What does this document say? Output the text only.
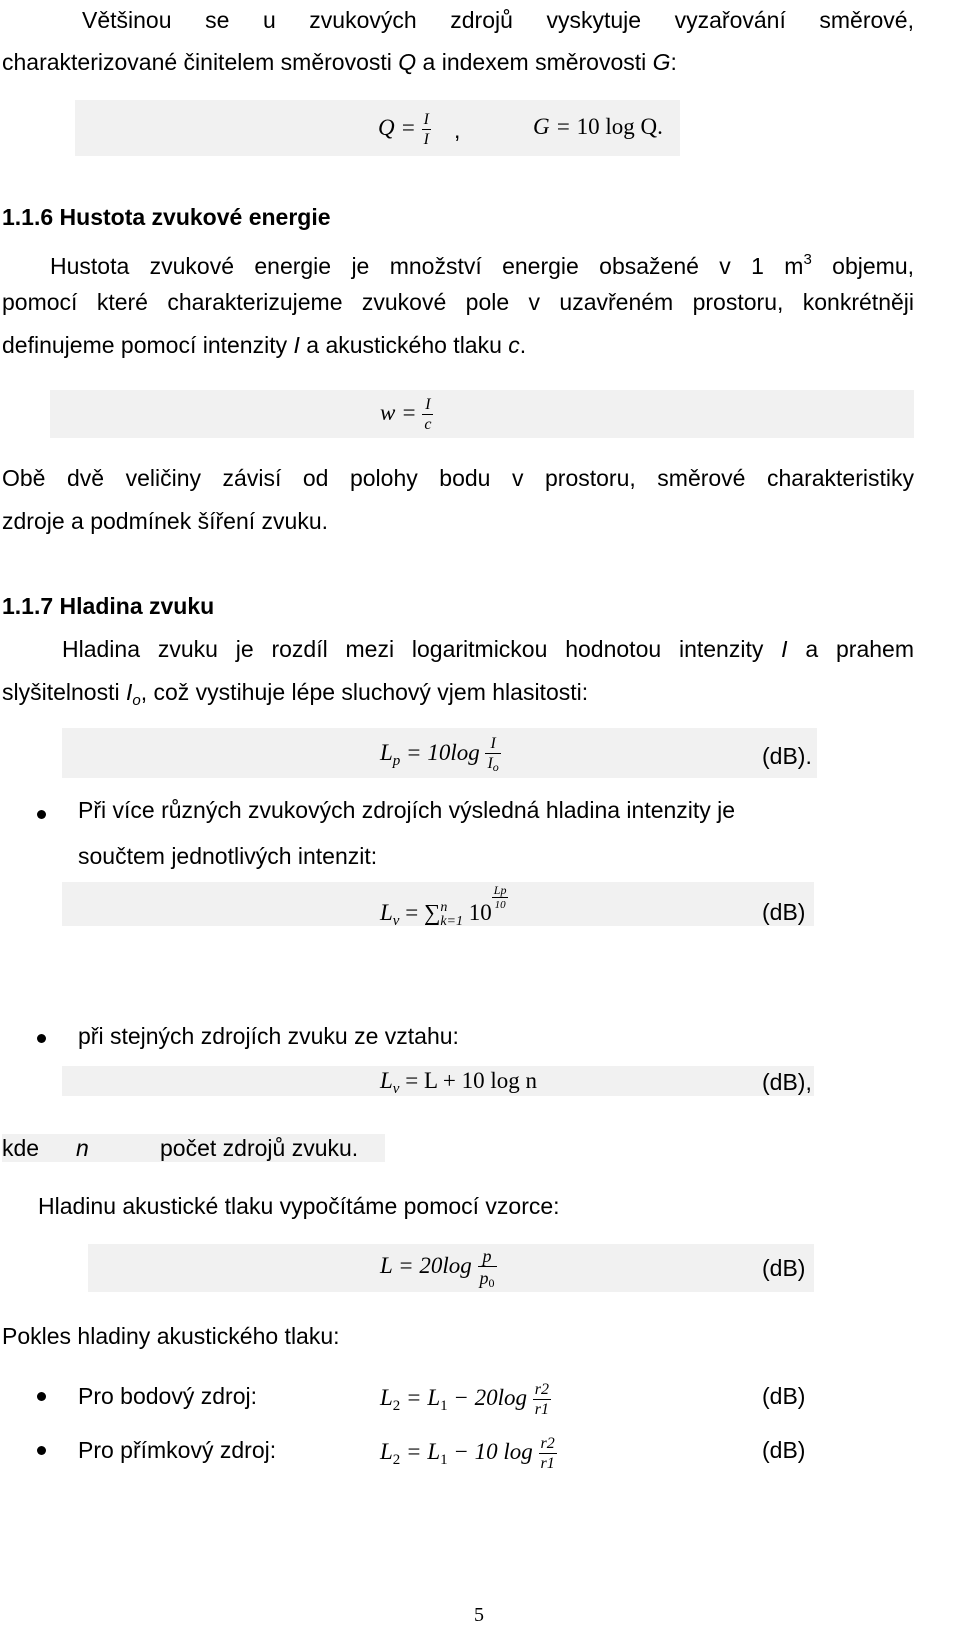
Většinou se u zvukových zdrojů vyskytuje vyzařování směrové,
charakterizované činitelem směrovosti Q a indexem směrovosti G:
$Q = \frac{I}{I}$ ,	G = 10 log Q.
1.1.6 Hustota zvukové energie
Hustota zvukové energie je množství energie obsažené v 1 $m^3$ objemu,
pomocí které charakterizujeme zvukové pole v uzavřeném prostoru, konkrétněji
definujeme pomocí intenzity I a akustického tlaku c.
$w = \frac{I}{c}$
Obě dvě veličiny závisí od polohy bodu v prostoru, směrové charakteristiky
zdroje a podmínek šíření zvuku.
1.1.7 Hladina zvuku
Hladina zvuku je rozdíl mezi logaritmickou hodnotou intenzity I a prahem
slyšitelnosti $I_o$, což vystihuje lépe sluchový vjem hlasitosti:
$L_p = 10\log \frac{I}{Io}$	(dB).
Při více různých zvukových zdrojích výsledná hladina intenzity je
součtem jednotlivých intenzit:
$L_v$ = ∑ n
k=1 10
$\frac{Lp}{10}$
(dB)
při stejných zdrojích zvuku ze vztahu:
$L_v = L + 10$ log n	(dB),
kde n	počet zdrojů zvuku.
Hladinu akustické tlaku vypočítáme pomocí vzorce:
$L = 20\log \frac{p}{p0}$	(dB)
Pokles hladiny akustického tlaku:
Pro bodový zdroj:	$L_2 = L_1 - 20\log \frac{r2}{r1}$	(dB)
Pro přímkový zdroj:	$L_2 = L_1 - 10$ $\log \frac{r2}{r1}$	(dB)
5
